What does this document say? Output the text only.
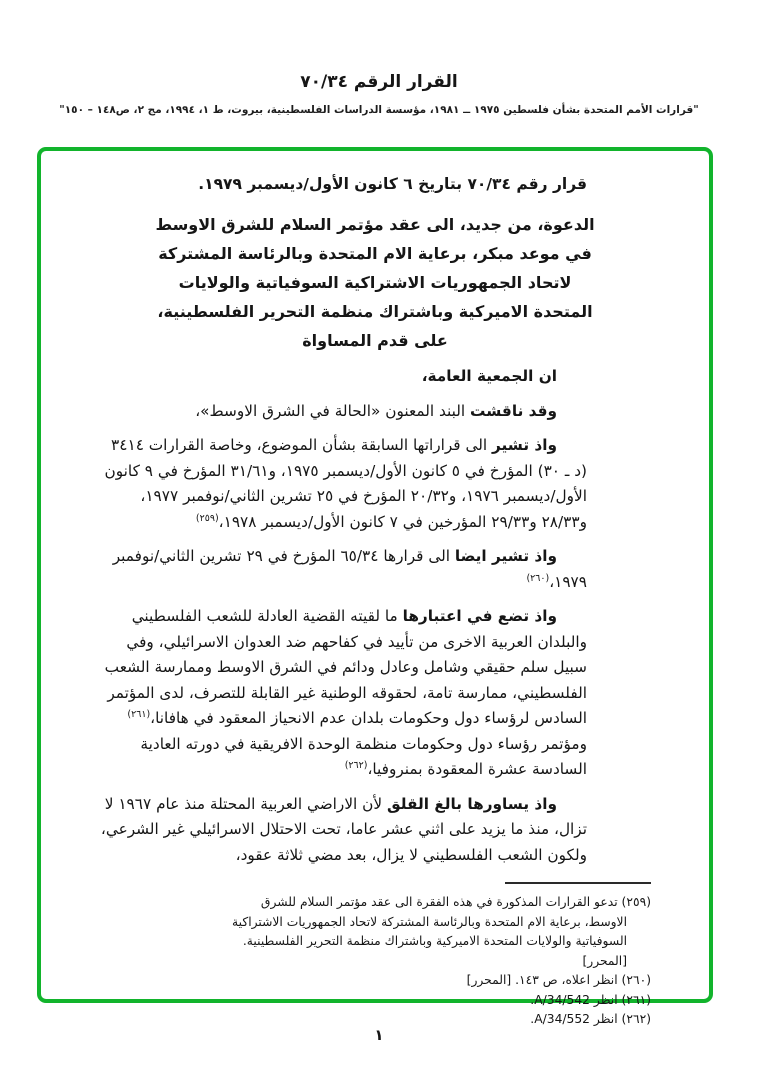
القرار الرقم ٧٠/٣٤
"قرارات الأمم المتحدة بشأن فلسطين ١٩٧٥ ــ ١٩٨١، مؤسسة الدراسات الفلسطينية، بيروت، ط ١، ١٩٩٤، مج ٢، ص١٤٨ – ١٥٠"
قرار رقم ٧٠/٣٤ بتاريخ ٦ كانون الأول/ديسمبر ١٩٧٩.
الدعوة، من جديد، الى عقد مؤتمر السلام للشرق الاوسط
في موعد مبكر، برعاية الام المتحدة وبالرئاسة المشتركة
لاتحاد الجمهوريات الاشتراكية السوفياتية والولايات
المتحدة الاميركية وباشتراك منظمة التحرير الفلسطينية،
على قدم المساواة
ان الجمعية العامة،
وقد ناقشت البند المعنون «الحالة في الشرق الاوسط»،
واذ تشير الى قراراتها السابقة بشأن الموضوع، وخاصة القرارات ٣٤١٤ (د ـ ٣٠) المؤرخ في ٥ كانون الأول/ديسمبر ١٩٧٥، و٣١/٦١ المؤرخ في ٩ كانون الأول/ديسمبر ١٩٧٦، و٢٠/٣٢ المؤرخ في ٢٥ تشرين الثاني/نوفمبر ١٩٧٧، و٢٨/٣٣ و٢٩/٣٣ المؤرخين في ٧ كانون الأول/ديسمبر ١٩٧٨،$^{(٢٥٩)}$
واذ تشير ايضا الى قرارها ٦٥/٣٤ المؤرخ في ٢٩ تشرين الثاني/نوفمبر ١٩٧٩،$^{(٢٦٠)}$
واذ تضع في اعتبارها ما لقيته القضية العادلة للشعب الفلسطيني والبلدان العربية الاخرى من تأييد في كفاحهم ضد العدوان الاسرائيلي، وفي سبيل سلم حقيقي وشامل وعادل ودائم في الشرق الاوسط وممارسة الشعب الفلسطيني، ممارسة تامة، لحقوقه الوطنية غير القابلة للتصرف، لدى المؤتمر السادس لرؤساء دول وحكومات بلدان عدم الانحياز المعقود في هافانا،$^{(٢٦١)}$ ومؤتمر رؤساء دول وحكومات منظمة الوحدة الافريقية في دورته العادية السادسة عشرة المعقودة بمنروفيا،$^{(٢٦٢)}$
واذ يساورها بالغ القلق لأن الاراضي العربية المحتلة منذ عام ١٩٦٧ لا تزال، منذ ما يزيد على اثني عشر عاما، تحت الاحتلال الاسرائيلي غير الشرعي، ولكون الشعب الفلسطيني لا يزال، بعد مضي ثلاثة عقود،
(٢٥٩) تدعو القرارات المذكورة في هذه الفقرة الى عقد مؤتمر السلام للشرق الاوسط، برعاية الام المتحدة وبالرئاسة المشتركة لاتحاد الجمهوريات الاشتراكية السوفياتية والولايات المتحدة الاميركية وباشتراك منظمة التحرير الفلسطينية. [المحرر]
(٢٦٠) انظر اعلاه، ص ١٤٣. [المحرر]
(٢٦١) انظر A/34/542.
(٢٦٢) انظر A/34/552.
١
